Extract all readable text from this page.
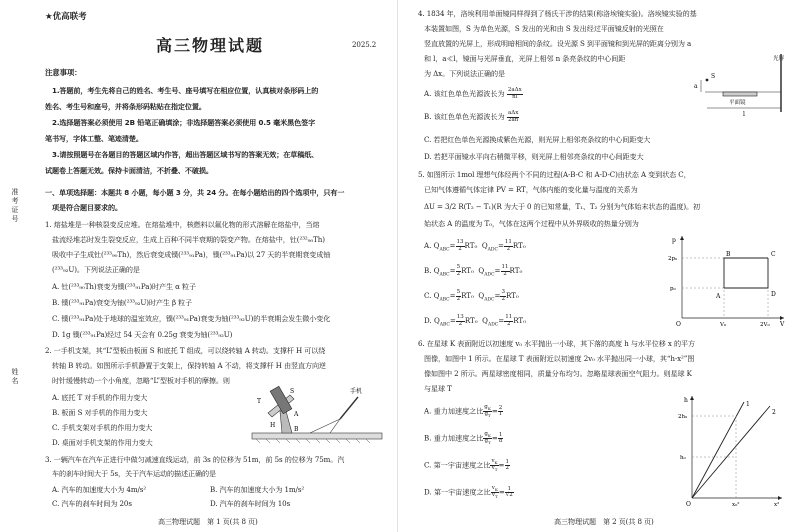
★优高联考
高三物理试题	2025.2
准考证号
姓名
注意事项：
1.答题前，考生先将自己的姓名、考生号、座号填写在相应位置，认真核对条形码上的
姓名、考生号和座号，并将条形码粘贴在指定位置。
2.选择题答案必须使用 2B 铅笔正确填涂；非选择题答案必须使用 0.5 毫米黑色签字
笔书写，字体工整、笔迹清楚。
3.请按照题号在各题目的答题区域内作答，超出答题区域书写的答案无效；在草稿纸、
试题卷上答题无效。保持卡面清洁，不折叠、不破损。
一、单项选择题：本题共 8 小题，每小题 3 分，共 24 分。在每小题给出的四个选项中，只有一
项是符合题目要求的。
1. 熔盐堆是一种核裂变反应堆。在熔盐堆中，核燃料以氟化物的形式溶解在熔盐中，当熔
盐流经堆芯时发生裂变反应，生成上百种不同半衰期的裂变产物。在熔盐中，钍(²³²₉₀Th)
吸收中子生成钍(²³³₉₀Th)，然后衰变成镤(²³³₉₁Pa)，镤(²³³₉₁Pa)以 27 天的半衰期衰变成铀
(²³³₉₂U)。下列说法正确的是
A. 钍(²³³₉₀Th)衰变为镤(²³³₉₁Pa)时产生 α 粒子
B. 镤(²³³₉₁Pa)衰变为铀(²³³₉₂U)时产生 β 粒子
C. 镤(²³³₉₁Pa)处于地球的温室效应，镤(²³³₉₁Pa)衰变为铀(²³³₉₂U)的半衰期会发生微小变化
D. 1g 镤(²³³₉₁Pa)经过 54 天会有 0.25g 衰变为铀(²³³₉₂U)
2. 一手机支架，其“L”型板由板面 S 和底托 T 组成，可以绕转轴 A 转动。支撑杆 H 可以绕
转轴 B 转动。如图所示手机静置于支架上，保持转轴 A 不动，将支撑杆 H 由竖直方向逆
时针缓慢转动一个小角度，忽略“L”型板对手机的摩擦。则
A. 底托 T 对手机的作用力变大
B. 板面 S 对手机的作用力变大
C. 手机支架对手机的作用力变大
D. 桌面对手机支架的作用力变大
T
S
A
H
B
手机
3. 一辆汽车在汽车正进行中做匀减速直线运动，前 3s 的位移为 51m，前 5s 的位移为 75m。汽
车的刹车时间大于 5s，关于汽车运动的描述正确的是
A. 汽车的加速度大小为 4m/s²	B. 汽车的加速度大小为 1m/s²
C. 汽车的刹车时间为 20s	D. 汽车的刹车时间为 10s
高三物理试题　第 1 页(共 8 页)
4. 1834 年，洛埃利用单面镜同样得到了杨氏干涉的结果(称洛埃镜实验)。洛埃镜实验的基
本装置如图，S 为单色光源，S 发出的光和由 S 发出经过平面镜反射的光照在
竖直放置的光屏上，形成明暗相间的条纹。设光源 S 到平面镜和到光屏的距离分别为 a
和 l，a≪l，镜面与光屏垂直，光屏上相邻 n 条亮条纹的中心间距
为 Δx。下列说法正确的是
A. 该红色单色光源波长为 $\frac{\text{2aΔx}}{nl}$
B. 该红色单色光源波长为 $\frac{\text{aΔx}}{2an}$
C. 若把红色单色光源换成紫色光源，则光屏上相邻亮条纹的中心间距变大
D. 若把平面镜水平向右稍微平移，则光屏上相邻亮条纹的中心间距变大
S
a
平面镜
l
光屏
5. 如图所示 1mol 理想气体经两个不同的过程(A-B-C 和 A-D-C)由状态 A 变到状态 C，
已知气体遵循气体定律 PV = RT，气体内能的变化量与温度的关系为
ΔU = 3/2 R(T₂ − T₁)(R 为大于 0 的已知常量，T₁、T₂ 分别为气体始末状态的温度)。初
始状态 A 的温度为 T₀，气体在这两个过程中从外界吸收的热量分别为
A. $Q_{ABC}= \frac{13}{2} RT_0$ $Q_{ADC}= \frac{11}{2} RT_0$
B. $Q_{ABC}= \frac{5}{2} RT_0$ $Q_{ADC}= \frac{11}{2} RT_0$
C. $Q_{ABC}= \frac{5}{2} RT_0$ $Q_{ADC}= \frac{3}{2} RT_0$
D. $Q_{ABC}= \frac{13}{2} RT_0$ $Q_{ADC}= \frac{11}{2} RT_0$
p
2p₀
p₀
B	C
A	D
O	V₀	2V₀ V
6. 在星球 K 表面附近以初速度 v₀ 水平抛出一小球，其下落的高度 h 与水平位移 x 的平方
图像，如图中 1 所示。在星球 T 表面附近以初速度 2v₀ 水平抛出同一小球，其“h-x²”图
像如图中 2 所示。两星球密度相同，质量分布均匀。忽略星球表面空气阻力。则星球 K
与星球 T
A. 重力加速度之比 $\frac{g_K}{g_T} = \frac{2}{1}$
B. 重力加速度之比 $\frac{g_K}{g_T} = \frac{1}{8}$
C. 第一宇宙速度之比 $\frac{v_K}{v_T} = \frac{1}{2}$
D. 第一宇宙速度之比 $\frac{v_K}{v_T} = \frac{1}{√2}$
h
2h₀
h₀
1
2
O	x₀²	x²
高三物理试题　第 2 页(共 8 页)
